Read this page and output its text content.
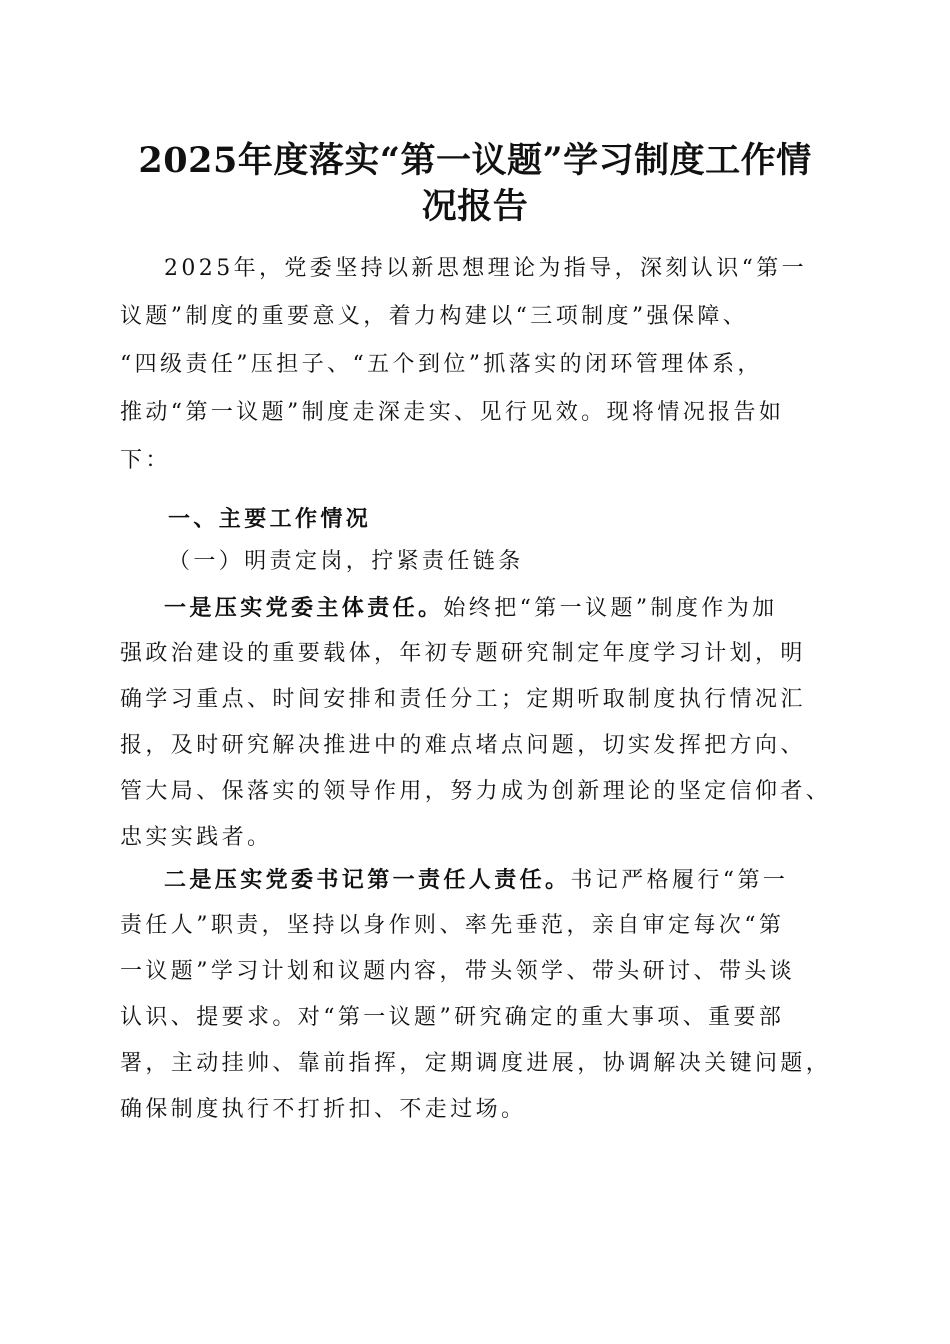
2025年度落实“第一议题”学习制度工作情
况报告
2025年，党委坚持以新思想理论为指导，深刻认识“第一
议题”制度的重要意义，着力构建以“三项制度”强保障、
“四级责任”压担子、“五个到位”抓落实的闭环管理体系，
推动“第一议题”制度走深走实、见行见效。现将情况报告如
下：
一、主要工作情况
（一）明责定岗，拧紧责任链条
一是压实党委主体责任。始终把“第一议题”制度作为加
强政治建设的重要载体，年初专题研究制定年度学习计划，明
确学习重点、时间安排和责任分工；定期听取制度执行情况汇
报，及时研究解决推进中的难点堵点问题，切实发挥把方向、
管大局、保落实的领导作用，努力成为创新理论的坚定信仰者、
忠实实践者。
二是压实党委书记第一责任人责任。书记严格履行“第一
责任人”职责，坚持以身作则、率先垂范，亲自审定每次“第
一议题”学习计划和议题内容，带头领学、带头研讨、带头谈
认识、提要求。对“第一议题”研究确定的重大事项、重要部
署，主动挂帅、靠前指挥，定期调度进展，协调解决关键问题，
确保制度执行不打折扣、不走过场。
